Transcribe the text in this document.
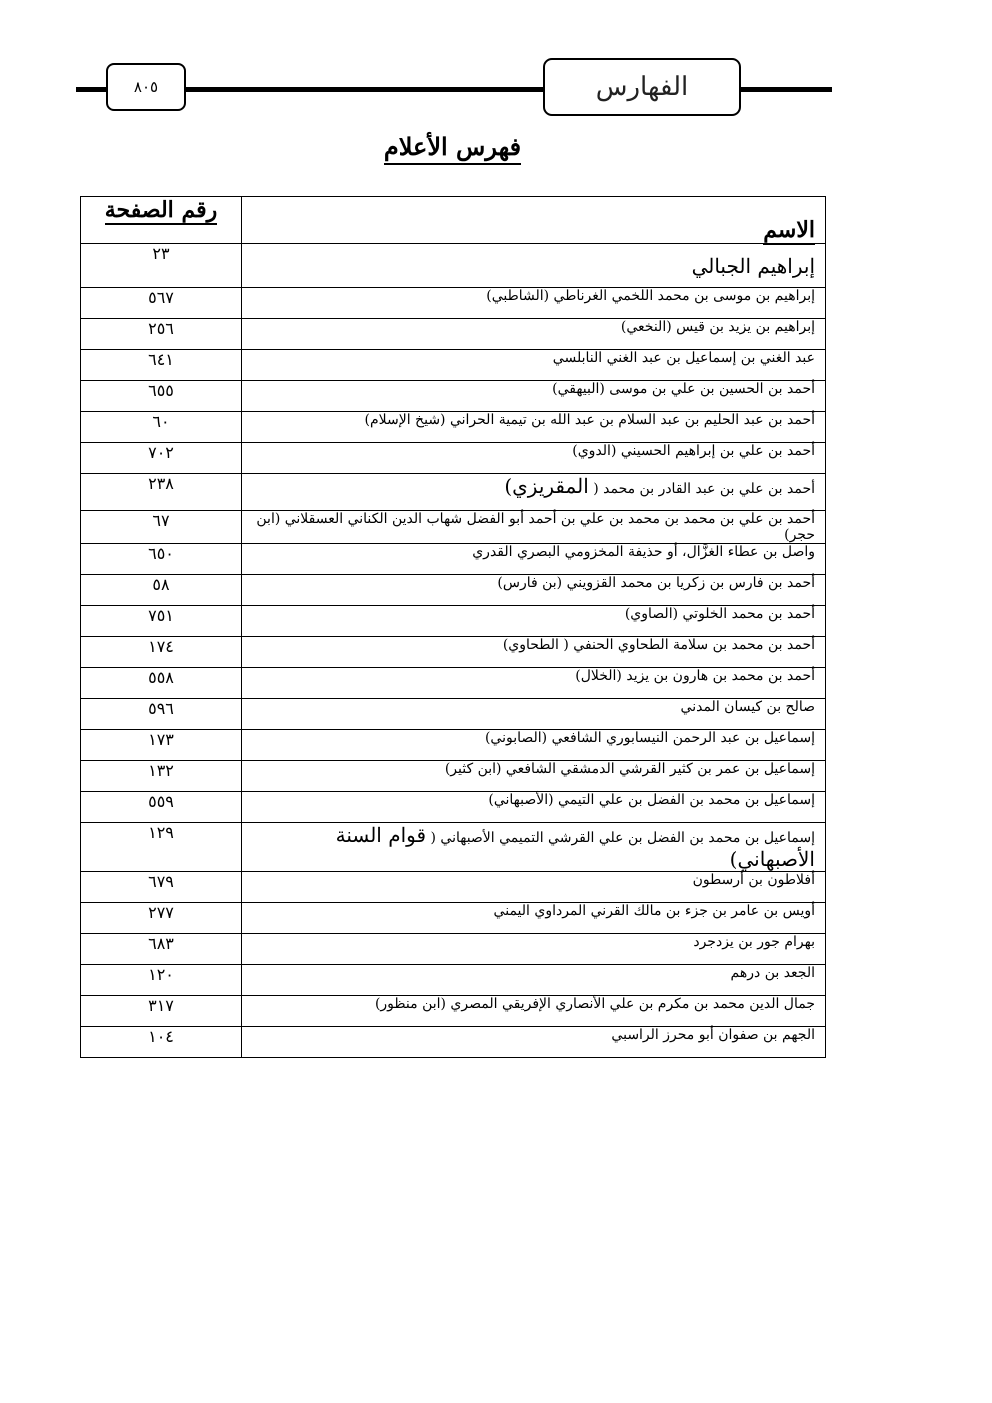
٨٠٥	الفهارس
فهرس الأعلام
الاسم	رقم الصفحة
إبراهيم الجبالي	٢٣
إبراهيم بن موسى بن محمد اللخمي الغرناطي (الشاطبي)	٥٦٧
إبراهيم بن يزيد بن قيس (النخعي)	٢٥٦
عبد الغني بن إسماعيل بن عبد الغني النابلسي	٦٤١
أحمد بن الحسين بن علي بن موسى (البيهقي)	٦٥٥
أحمد بن عبد الحليم بن عبد السلام بن عبد الله بن تيمية الحراني (شيخ الإسلام)	٦٠
أحمد بن علي بن إبراهيم الحسيني (الدوي)	٧٠٢
أحمد بن علي بن عبد القادر بن محمد ( المقريزي)	٢٣٨
أحمد بن علي بن محمد بن محمد بن علي بن أحمد أبو الفضل شهاب الدين الكناني العسقلاني (ابن حجر)	٦٧
واصل بن عطاء الغزَّال، أو حذيفة المخزومي البصري القدري	٦٥٠
أحمد بن فارس بن زكريا بن محمد القزويني (بن فارس)	٥٨
أحمد بن محمد الخلوتي (الصاوي)	٧٥١
أحمد بن محمد بن سلامة الطحاوي الحنفي ( الطحاوي)	١٧٤
أحمد بن محمد بن هارون بن يزيد (الخلال)	٥٥٨
صالح بن كيسان المدني	٥٩٦
إسماعيل بن عبد الرحمن النيسابوري الشافعي (الصابوني)	١٧٣
إسماعيل بن عمر بن كثير القرشي الدمشقي الشافعي (ابن كثير)	١٣٢
إسماعيل بن محمد بن الفضل بن علي التيمي (الأصبهاني)	٥٥٩
إسماعيل بن محمد بن الفضل بن علي القرشي التميمي الأصبهاني ( قوام السنة الأصبهاني)	١٢٩
أفلاطون بن أرسطون	٦٧٩
أويس بن عامر بن جزء بن مالك القرني المرداوي اليمني	٢٧٧
بهرام جور بن يزدجرد	٦٨٣
الجعد بن درهم	١٢٠
جمال الدين محمد بن مكرم بن علي الأنصاري الإفريقي المصري (ابن منظور)	٣١٧
الجهم بن صفوان أبو محرز الراسبي	١٠٤
